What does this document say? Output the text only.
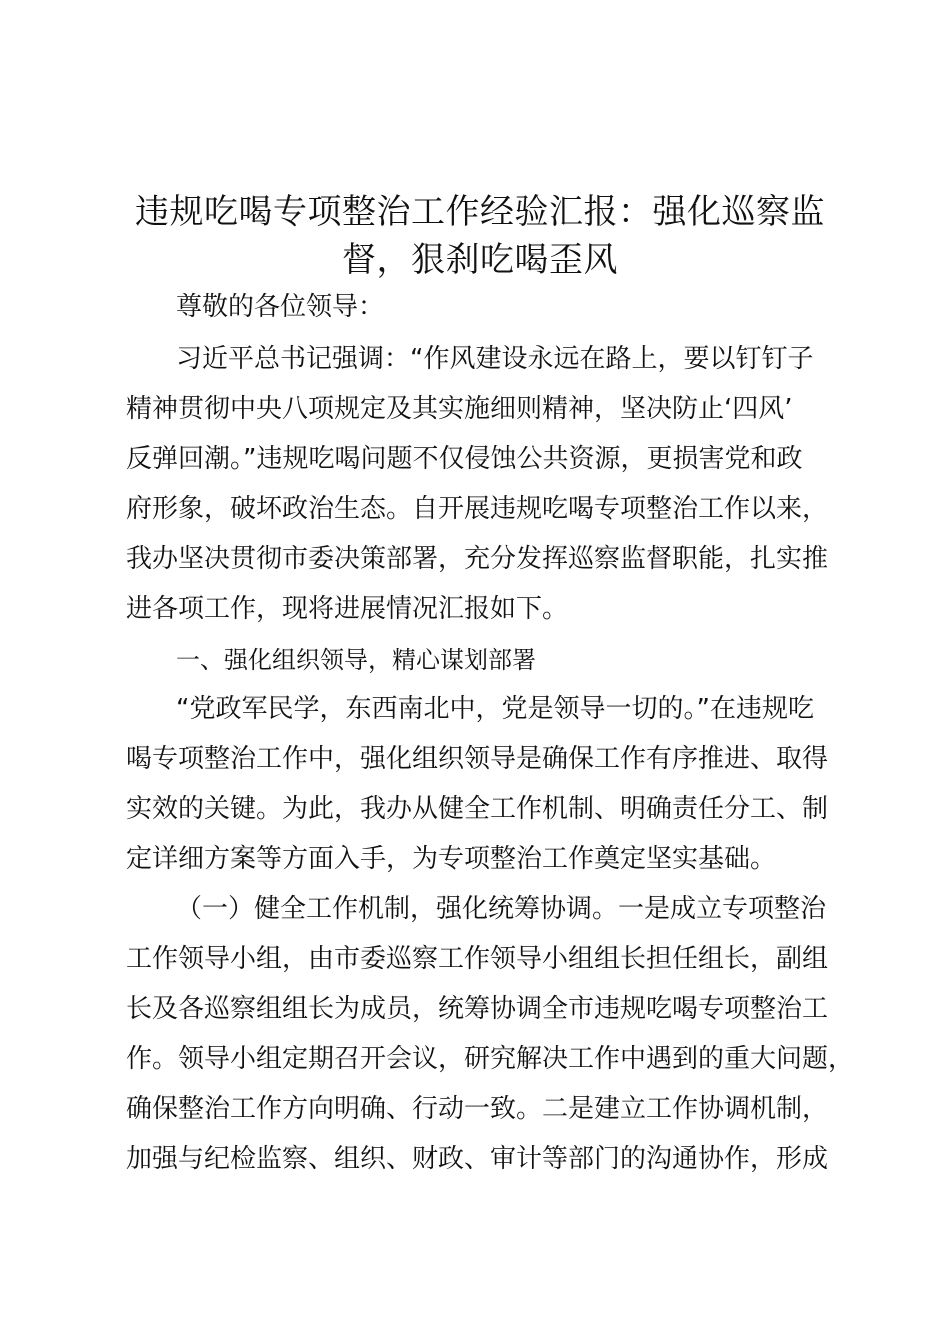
违规吃喝专项整治工作经验汇报：强化巡察监
督，狠刹吃喝歪风
尊敬的各位领导：
习近平总书记强调：“作风建设永远在路上，要以钉钉子
精神贯彻中央八项规定及其实施细则精神，坚决防止‘四风’
反弹回潮。”违规吃喝问题不仅侵蚀公共资源，更损害党和政
府形象，破坏政治生态。自开展违规吃喝专项整治工作以来，
我办坚决贯彻市委决策部署，充分发挥巡察监督职能，扎实推
进各项工作，现将进展情况汇报如下。
一、强化组织领导，精心谋划部署
“党政军民学，东西南北中，党是领导一切的。”在违规吃
喝专项整治工作中，强化组织领导是确保工作有序推进、取得
实效的关键。为此，我办从健全工作机制、明确责任分工、制
定详细方案等方面入手，为专项整治工作奠定坚实基础。
（一）健全工作机制，强化统筹协调。一是成立专项整治
工作领导小组，由市委巡察工作领导小组组长担任组长，副组
长及各巡察组组长为成员，统筹协调全市违规吃喝专项整治工
作。领导小组定期召开会议，研究解决工作中遇到的重大问题，
确保整治工作方向明确、行动一致。二是建立工作协调机制，
加强与纪检监察、组织、财政、审计等部门的沟通协作，形成
